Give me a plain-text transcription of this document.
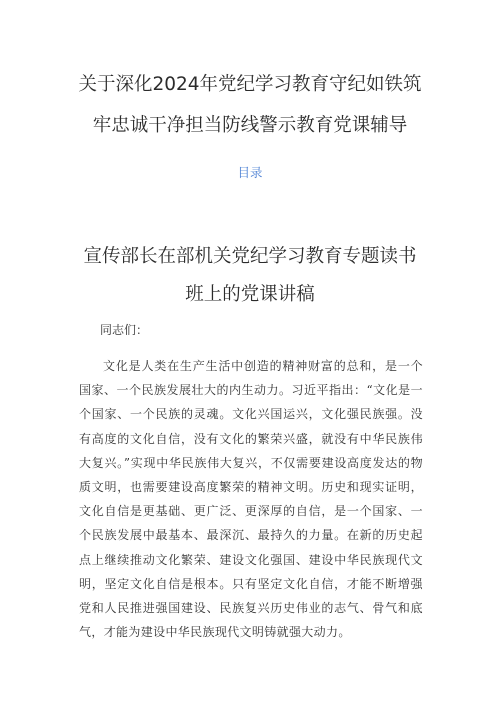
关于深化2024年党纪学习教育守纪如铁筑
牢忠诚干净担当防线警示教育党课辅导
目录
宣传部长在部机关党纪学习教育专题读书
班上的党课讲稿

同志们：

文化是人类在生产生活中创造的精神财富的总和，是一个国家、一个民族发展壮大的内生动力。习近平指出：“文化是一个国家、一个民族的灵魂。文化兴国运兴，文化强民族强。没有高度的文化自信，没有文化的繁荣兴盛，就没有中华民族伟大复兴。”实现中华民族伟大复兴，不仅需要建设高度发达的物质文明，也需要建设高度繁荣的精神文明。历史和现实证明，文化自信是更基础、更广泛、更深厚的自信，是一个国家、一个民族发展中最基本、最深沉、最持久的力量。在新的历史起点上继续推动文化繁荣、建设文化强国、建设中华民族现代文明，坚定文化自信是根本。只有坚定文化自信，才能不断增强党和人民推进强国建设、民族复兴历史伟业的志气、骨气和底气，才能为建设中华民族现代文明铸就强大动力。
